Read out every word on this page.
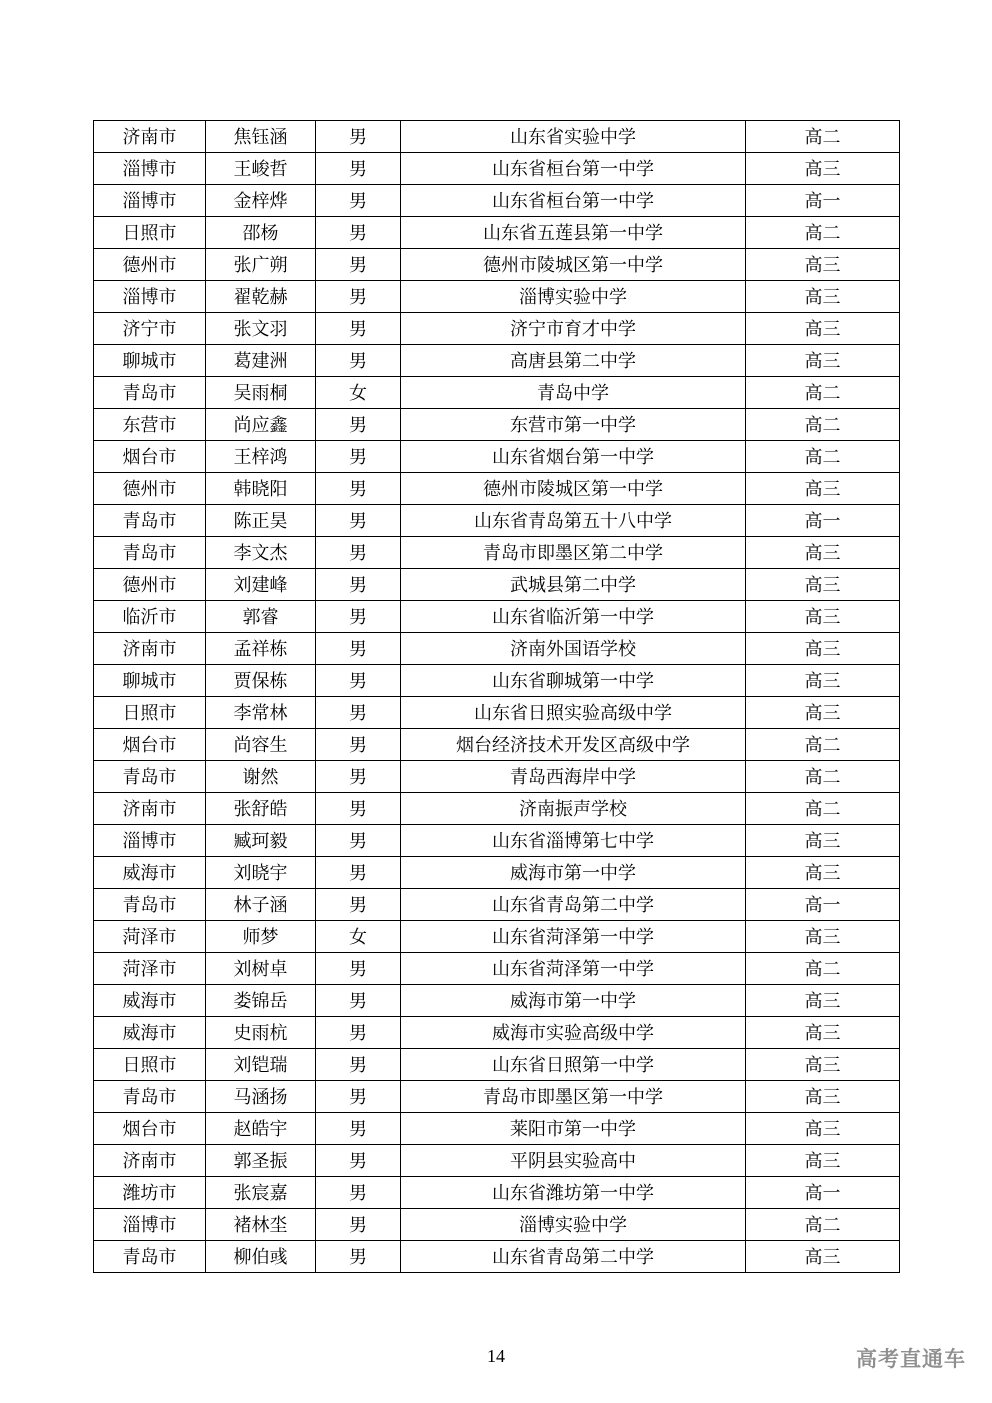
济南市	焦钰涵	男	山东省实验中学	高二
淄博市	王峻哲	男	山东省桓台第一中学	高三
淄博市	金梓烨	男	山东省桓台第一中学	高一
日照市	邵杨	男	山东省五莲县第一中学	高二
德州市	张广朔	男	德州市陵城区第一中学	高三
淄博市	翟乾赫	男	淄博实验中学	高三
济宁市	张文羽	男	济宁市育才中学	高三
聊城市	葛建洲	男	高唐县第二中学	高三
青岛市	吴雨桐	女	青岛中学	高二
东营市	尚应鑫	男	东营市第一中学	高二
烟台市	王梓鸿	男	山东省烟台第一中学	高二
德州市	韩晓阳	男	德州市陵城区第一中学	高三
青岛市	陈正昊	男	山东省青岛第五十八中学	高一
青岛市	李文杰	男	青岛市即墨区第二中学	高三
德州市	刘建峰	男	武城县第二中学	高三
临沂市	郭睿	男	山东省临沂第一中学	高三
济南市	孟祥栋	男	济南外国语学校	高三
聊城市	贾保栋	男	山东省聊城第一中学	高三
日照市	李常林	男	山东省日照实验高级中学	高三
烟台市	尚容生	男	烟台经济技术开发区高级中学	高二
青岛市	谢然	男	青岛西海岸中学	高二
济南市	张舒皓	男	济南振声学校	高二
淄博市	臧珂毅	男	山东省淄博第七中学	高三
威海市	刘晓宇	男	威海市第一中学	高三
青岛市	林子涵	男	山东省青岛第二中学	高一
菏泽市	师梦	女	山东省菏泽第一中学	高三
菏泽市	刘树卓	男	山东省菏泽第一中学	高二
威海市	娄锦岳	男	威海市第一中学	高三
威海市	史雨杭	男	威海市实验高级中学	高三
日照市	刘铠瑞	男	山东省日照第一中学	高三
青岛市	马涵扬	男	青岛市即墨区第一中学	高三
烟台市	赵皓宇	男	莱阳市第一中学	高三
济南市	郭圣振	男	平阴县实验高中	高三
潍坊市	张宸嘉	男	山东省潍坊第一中学	高一
淄博市	褚林坔	男	淄博实验中学	高二
青岛市	柳伯彧	男	山东省青岛第二中学	高三
14	高考直通车
